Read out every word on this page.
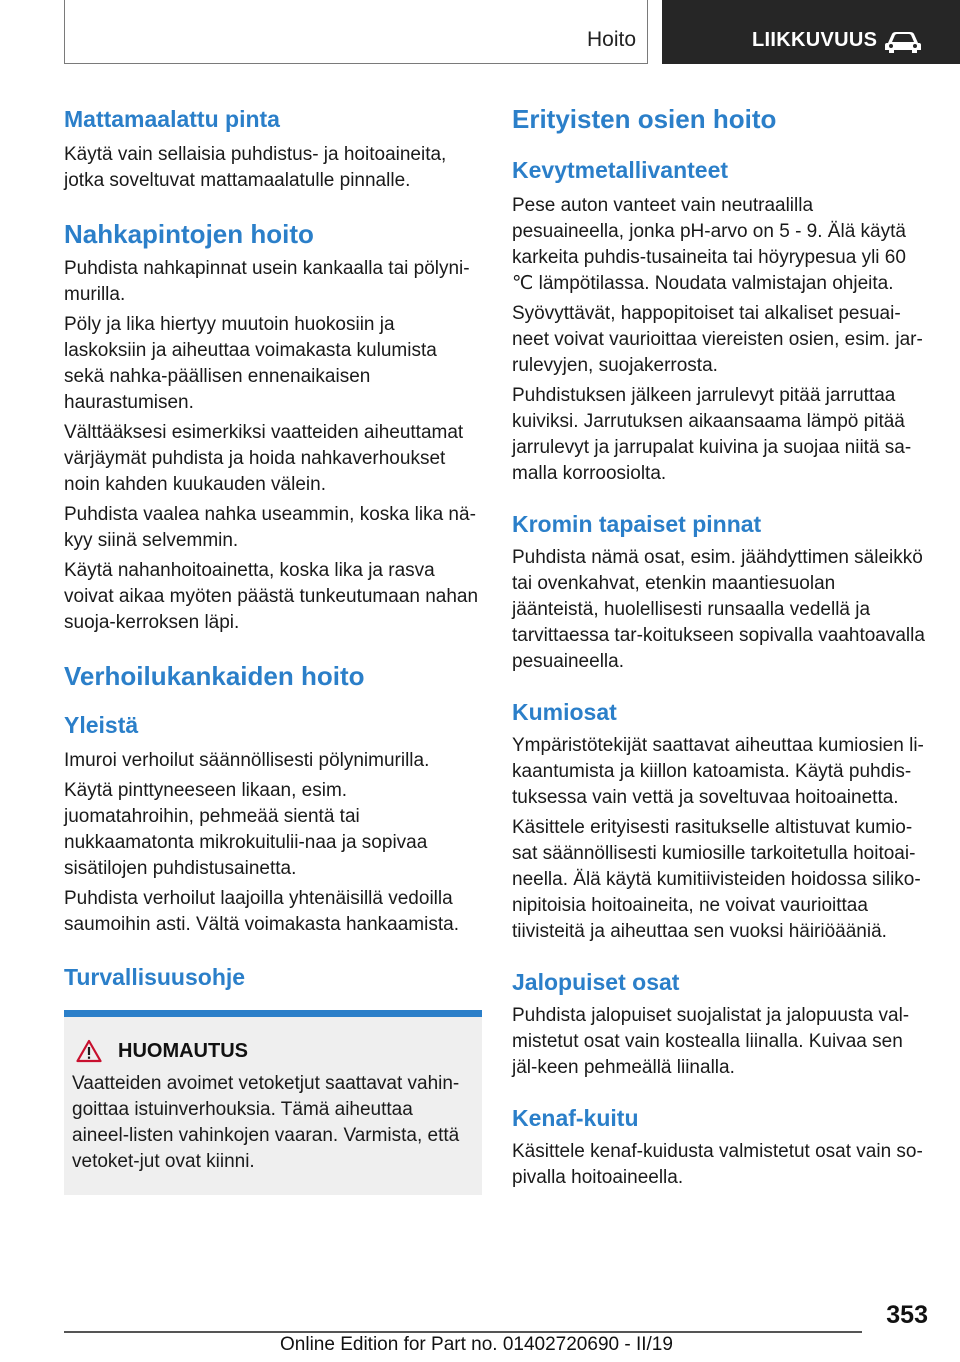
Hoito	LIIKKUVUUS
Mattamaalattu pinta

Käytä vain sellaisia puhdistus- ja hoitoaineita, jotka soveltuvat mattamaalatulle pinnalle.

Nahkapintojen hoito

Puhdista nahkapinnat usein kankaalla tai pölyni-murilla.

Pöly ja lika hiertyy muutoin huokosiin ja laskoksiin ja aiheuttaa voimakasta kulumista sekä nahka-päällisen ennenaikaisen haurastumisen.

Välttääksesi esimerkiksi vaatteiden aiheuttamat värjäymät puhdista ja hoida nahkaverhoukset noin kahden kuukauden välein.

Puhdista vaalea nahka useammin, koska lika nä-kyy siinä selvemmin.

Käytä nahanhoitoainetta, koska lika ja rasva voivat aikaa myöten päästä tunkeutumaan nahan suoja-kerroksen läpi.

Verhoilukankaiden hoito
Yleistä

Imuroi verhoilut säännöllisesti pölynimurilla.

Käytä pinttyneeseen likaan, esim. juomatahroihin, pehmeää sientä tai nukkaamatonta mikrokuitulii-naa ja sopivaa sisätilojen puhdistusainetta.

Puhdista verhoilut laajoilla yhtenäisillä vedoilla saumoihin asti. Vältä voimakasta hankaamista.

Turvallisuusohje
HUOMAUTUS

Vaatteiden avoimet vetoketjut saattavat vahin-goittaa istuinverhouksia. Tämä aiheuttaa aineel-listen vahinkojen vaaran. Varmista, että vetoket-jut ovat kiinni.

Erityisten osien hoito
Kevytmetallivanteet

Pese auton vanteet vain neutraalilla pesuaineella, jonka pH-arvo on 5 - 9. Älä käytä karkeita puhdis-tusaineita tai höyrypesua yli 60 ℃ lämpötilassa. Noudata valmistajan ohjeita.

Syövyttävät, happopitoiset tai alkaliset pesuai-neet voivat vaurioittaa viereisten osien, esim. jar-rulevyjen, suojakerrosta.

Puhdistuksen jälkeen jarrulevyt pitää jarruttaa kuiviksi. Jarrutuksen aikaansaama lämpö pitää jarrulevyt ja jarrupalat kuivina ja suojaa niitä sa-malla korroosiolta.

Kromin tapaiset pinnat

Puhdista nämä osat, esim. jäähdyttimen säleikkö tai ovenkahvat, etenkin maantiesuolan jäänteistä, huolellisesti runsaalla vedellä ja tarvittaessa tar-koitukseen sopivalla vaahtoavalla pesuaineella.

Kumiosat

Ympäristötekijät saattavat aiheuttaa kumiosien li-kaantumista ja kiillon katoamista. Käytä puhdis-tuksessa vain vettä ja soveltuvaa hoitoainetta.

Käsittele erityisesti rasitukselle altistuvat kumio-sat säännöllisesti kumiosille tarkoitetulla hoitoai-neella. Älä käytä kumitiivisteiden hoidossa siliko-nipitoisia hoitoaineita, ne voivat vaurioittaa tiivisteitä ja aiheuttaa sen vuoksi häiriöääniä.

Jalopuiset osat

Puhdista jalopuiset suojalistat ja jalopuusta val-mistetut osat vain kostealla liinalla. Kuivaa sen jäl-keen pehmeällä liinalla.

Kenaf-kuitu

Käsittele kenaf-kuidusta valmistetut osat vain so-pivalla hoitoaineella.

353
Online Edition for Part no. 01402720690 - II/19
